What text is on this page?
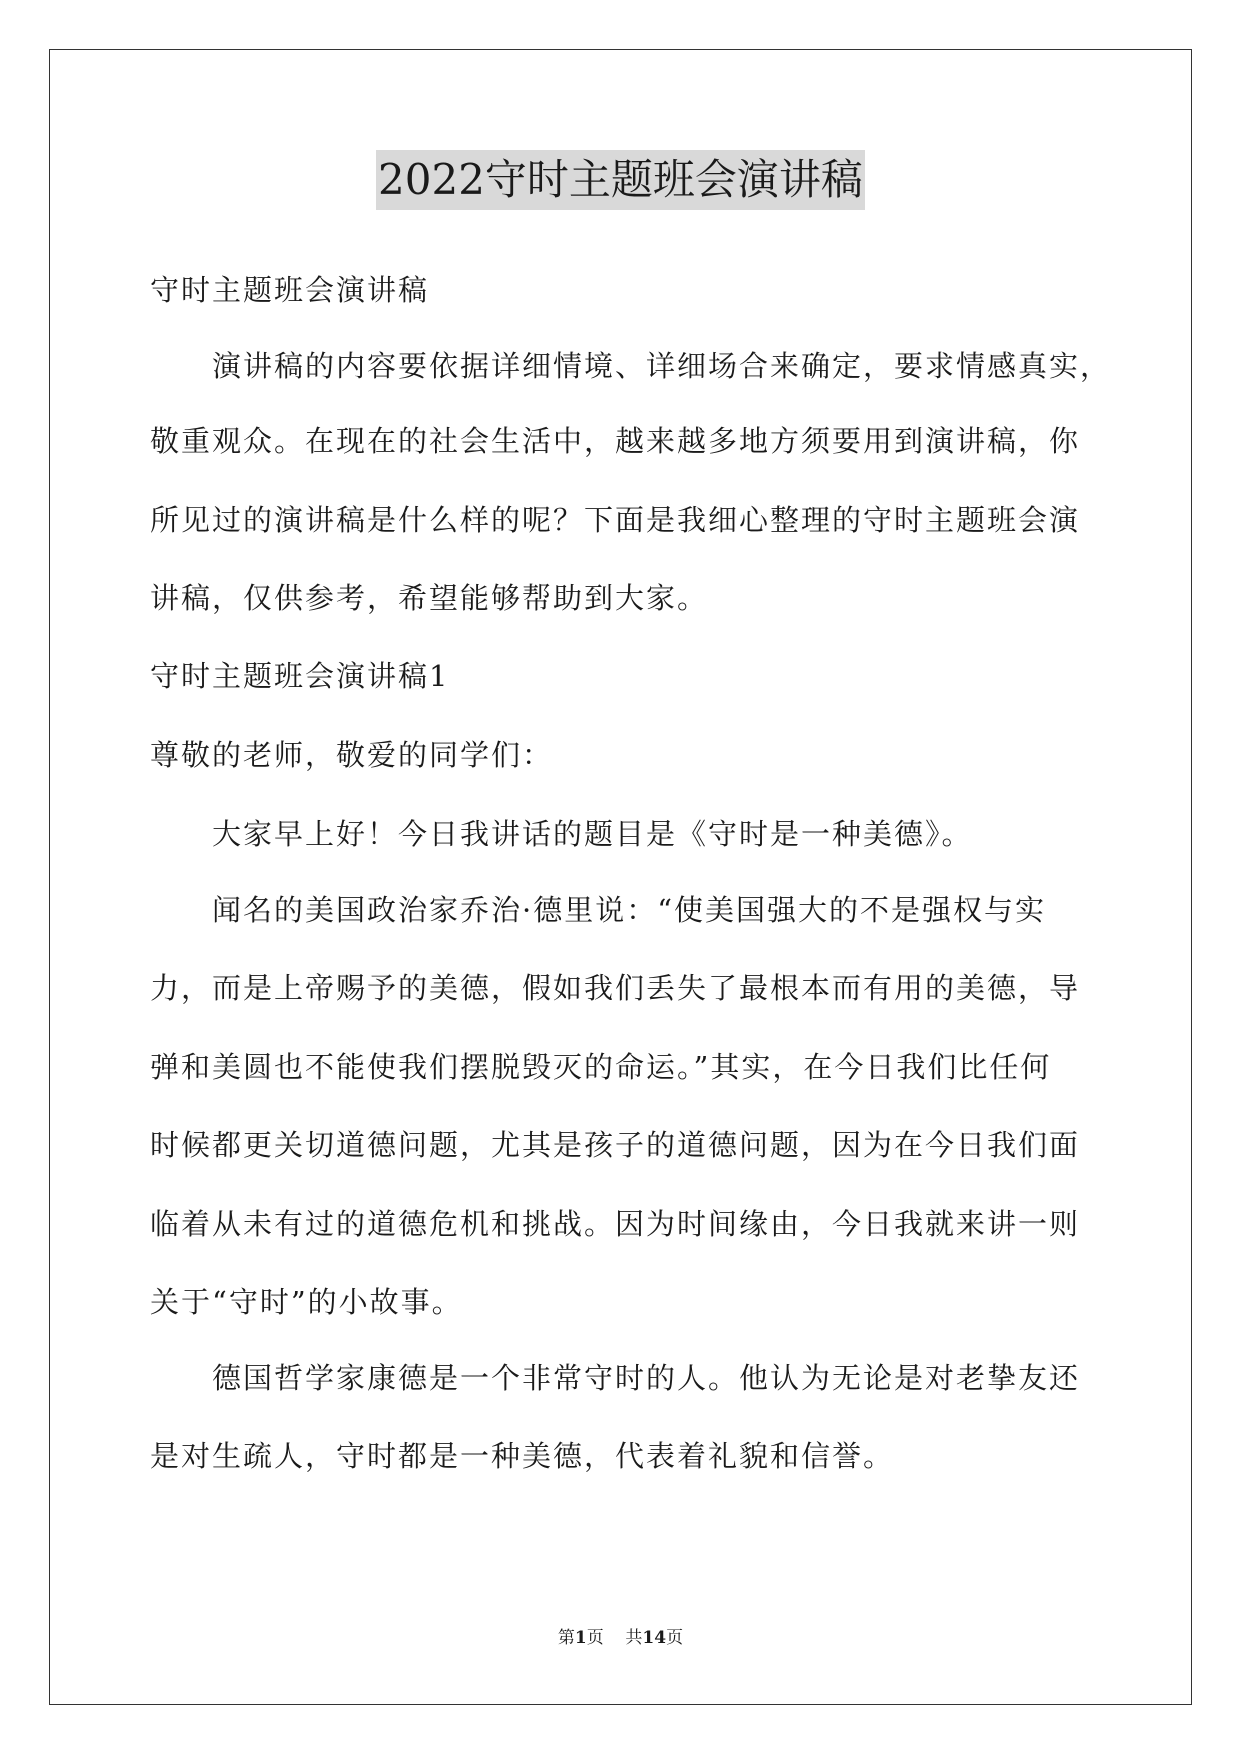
2022守时主题班会演讲稿
守时主题班会演讲稿
演讲稿的内容要依据详细情境、详细场合来确定，要求情感真实，
敬重观众。在现在的社会生活中，越来越多地方须要用到演讲稿，你
所见过的演讲稿是什么样的呢？下面是我细心整理的守时主题班会演
讲稿，仅供参考，希望能够帮助到大家。
守时主题班会演讲稿1
尊敬的老师，敬爱的同学们：
大家早上好！今日我讲话的题目是《守时是一种美德》。
闻名的美国政治家乔治·德里说：“使美国强大的不是强权与实
力，而是上帝赐予的美德，假如我们丢失了最根本而有用的美德，导
弹和美圆也不能使我们摆脱毁灭的命运。”其实，在今日我们比任何
时候都更关切道德问题，尤其是孩子的道德问题，因为在今日我们面
临着从未有过的道德危机和挑战。因为时间缘由，今日我就来讲一则
关于“守时”的小故事。
德国哲学家康德是一个非常守时的人。他认为无论是对老挚友还
是对生疏人，守时都是一种美德，代表着礼貌和信誉。
第1页 共14页
